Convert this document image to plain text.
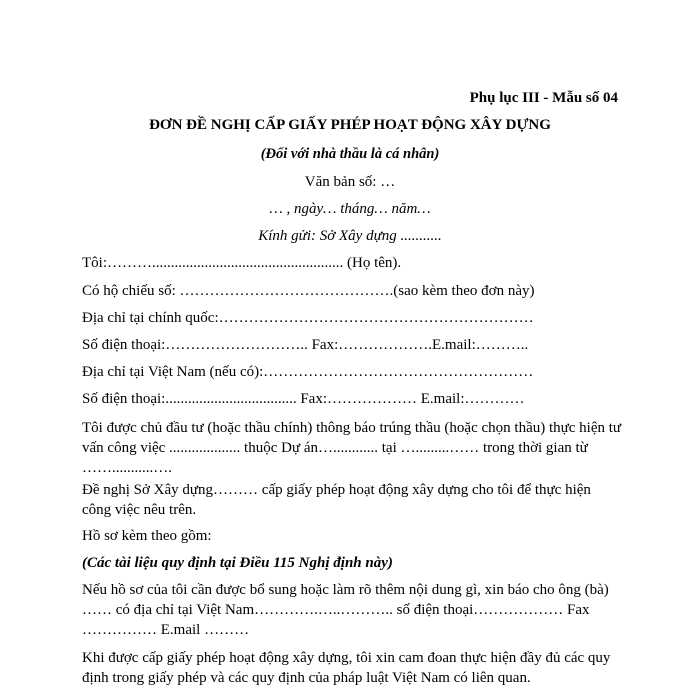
Phụ lục III - Mẫu số 04
ĐƠN ĐỀ NGHỊ CẤP GIẤY PHÉP HOẠT ĐỘNG XÂY DỰNG
(Đối với nhà thầu là cá nhân)
Văn bản số: …
… , ngày… tháng… năm…
Kính gửi: Sở Xây dựng ...........
Tôi:………................................................... (Họ tên).
Có hộ chiếu số: …………………………………….(sao kèm theo đơn này)
Địa chỉ tại chính quốc:………………………………………………………
Số điện thoại:……………………….. Fax:……………….E.mail:………..
Địa chỉ tại Việt Nam (nếu có):………………………………………………
Số điện thoại:................................... Fax:……………… E.mail:…………
Tôi được chủ đầu tư (hoặc thầu chính) thông báo trúng thầu (hoặc chọn thầu) thực hiện tư vấn công việc ................... thuộc Dự án…............ tại ….........…… trong thời gian từ ……...........….
Đề nghị Sở Xây dựng……… cấp giấy phép hoạt động xây dựng cho tôi để thực hiện công việc nêu trên.
Hồ sơ kèm theo gồm:
(Các tài liệu quy định tại Điều 115 Nghị định này)
Nếu hồ sơ của tôi cần được bổ sung hoặc làm rõ thêm nội dung gì, xin báo cho ông (bà) …… có địa chỉ tại Việt Nam………….…..……….. số điện thoại……………… Fax …………… E.mail ………
Khi được cấp giấy phép hoạt động xây dựng, tôi xin cam đoan thực hiện đầy đủ các quy định trong giấy phép và các quy định của pháp luật Việt Nam có liên quan.
